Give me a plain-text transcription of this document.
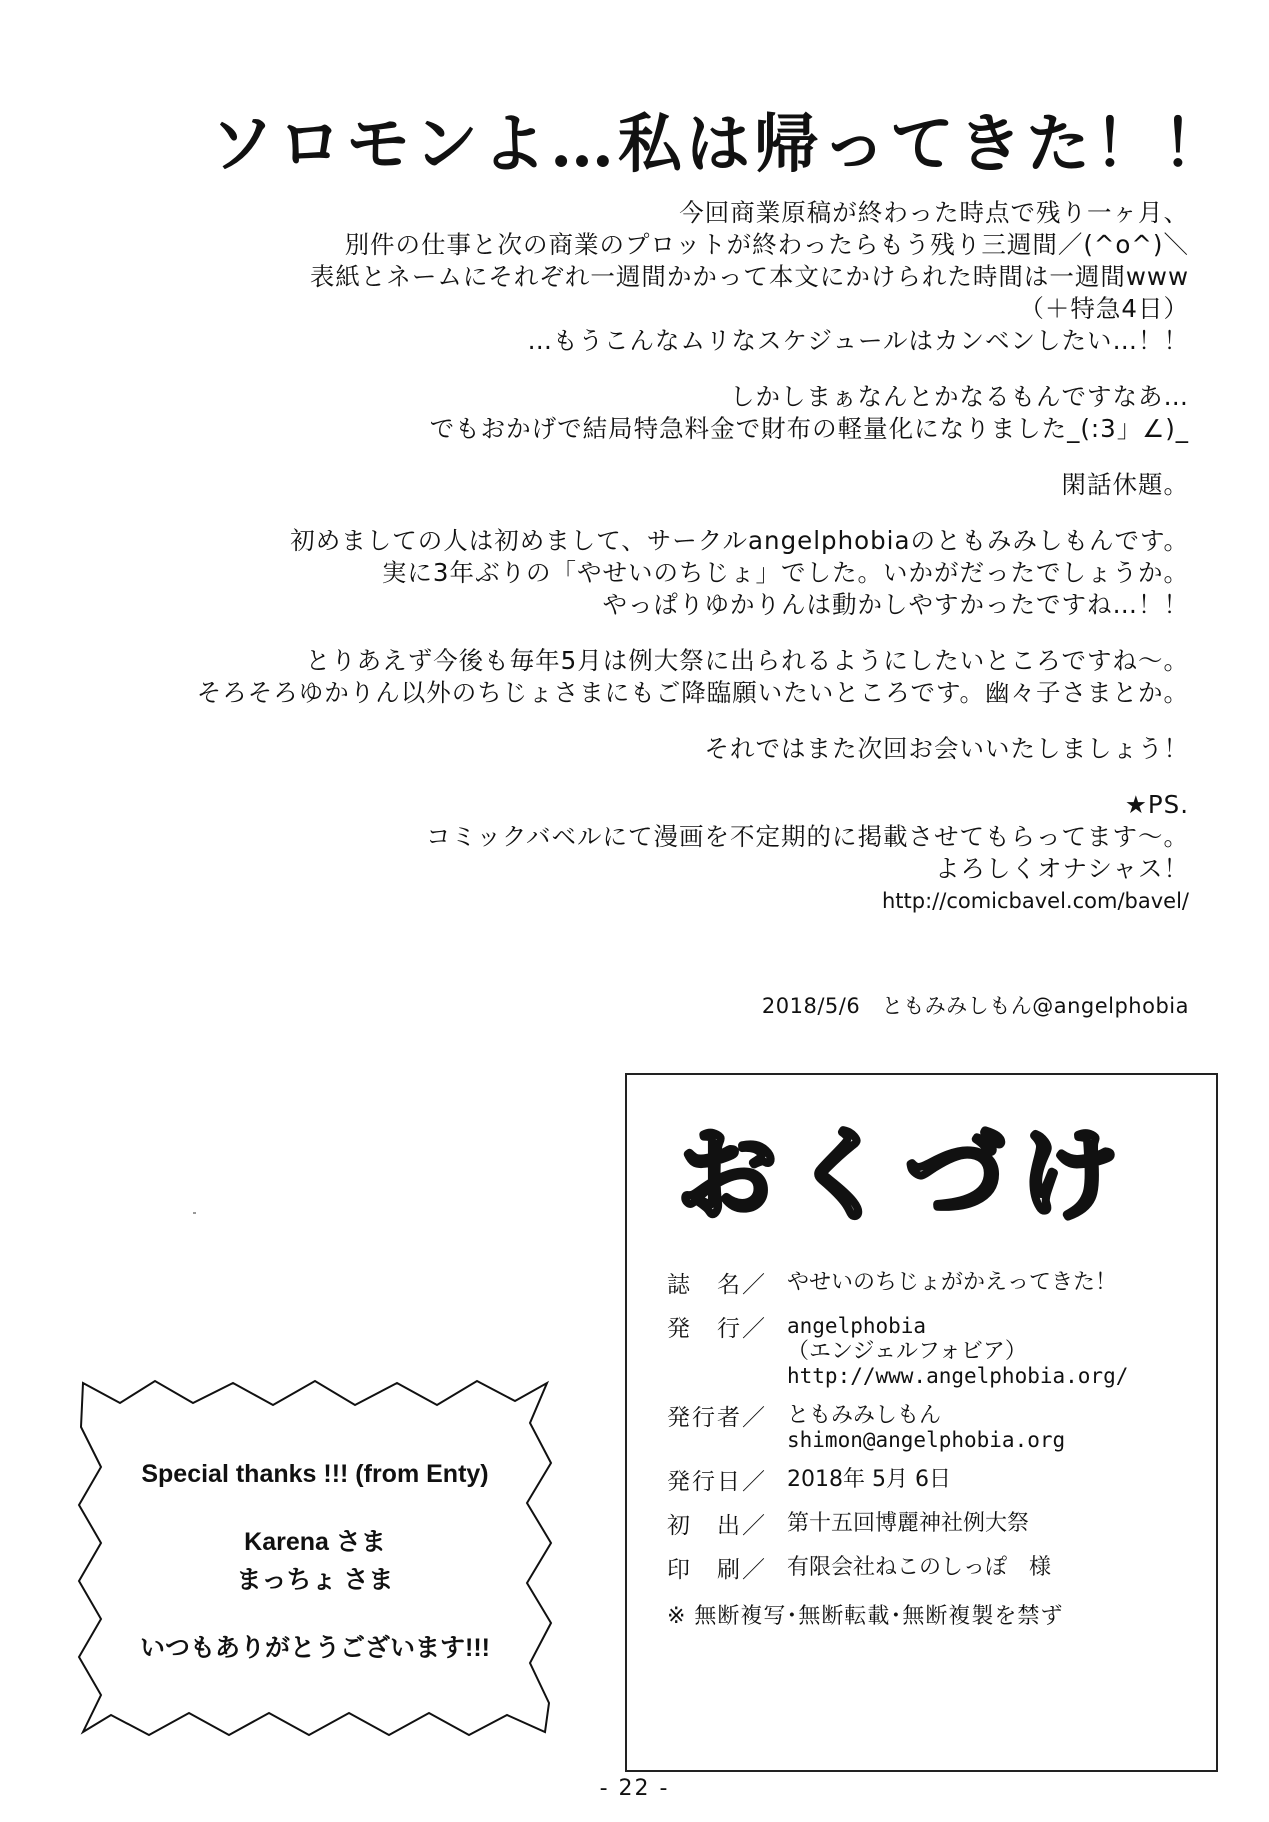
ソロモンよ…私は帰ってきた！！

今回商業原稿が終わった時点で残り一ヶ月、

別件の仕事と次の商業のプロットが終わったらもう残り三週間／(^o^)＼

表紙とネームにそれぞれ一週間かかって本文にかけられた時間は一週間www

（＋特急4日）

…もうこんなムリなスケジュールはカンベンしたい…！！

しかしまぁなんとかなるもんですなあ…

でもおかげで結局特急料金で財布の軽量化になりました_(:3」∠)_

閑話休題。

初めましての人は初めまして、サークルangelphobiaのともみみしもんです。

実に3年ぶりの「やせいのちじょ」でした。いかがだったでしょうか。

やっぱりゆかりんは動かしやすかったですね…！！

とりあえず今後も毎年5月は例大祭に出られるようにしたいところですね〜。

そろそろゆかりん以外のちじょさまにもご降臨願いたいところです。幽々子さまとか。

それではまた次回お会いいたしましょう！

★PS.

コミックバベルにて漫画を不定期的に掲載させてもらってます〜。

よろしくオナシャス！

http://comicbavel.com/bavel/

2018/5/6　ともみみしもん@angelphobia
おくづけ
誌　名／ やせいのちじょがかえってきた！
発　行／ angelphobia
（エンジェルフォビア）
http://www.angelphobia.org/
発行者／ ともみみしもん
shimon@angelphobia.org
発行日／ 2018年 5月 6日
初　出／ 第十五回博麗神社例大祭
印　刷／ 有限会社ねこのしっぽ　様
※ 無断複写･無断転載･無断複製を禁ず
Special thanks !!! (from Enty)
Karena さま
まっちょ さま
いつもありがとうございます!!!
- 22 -
